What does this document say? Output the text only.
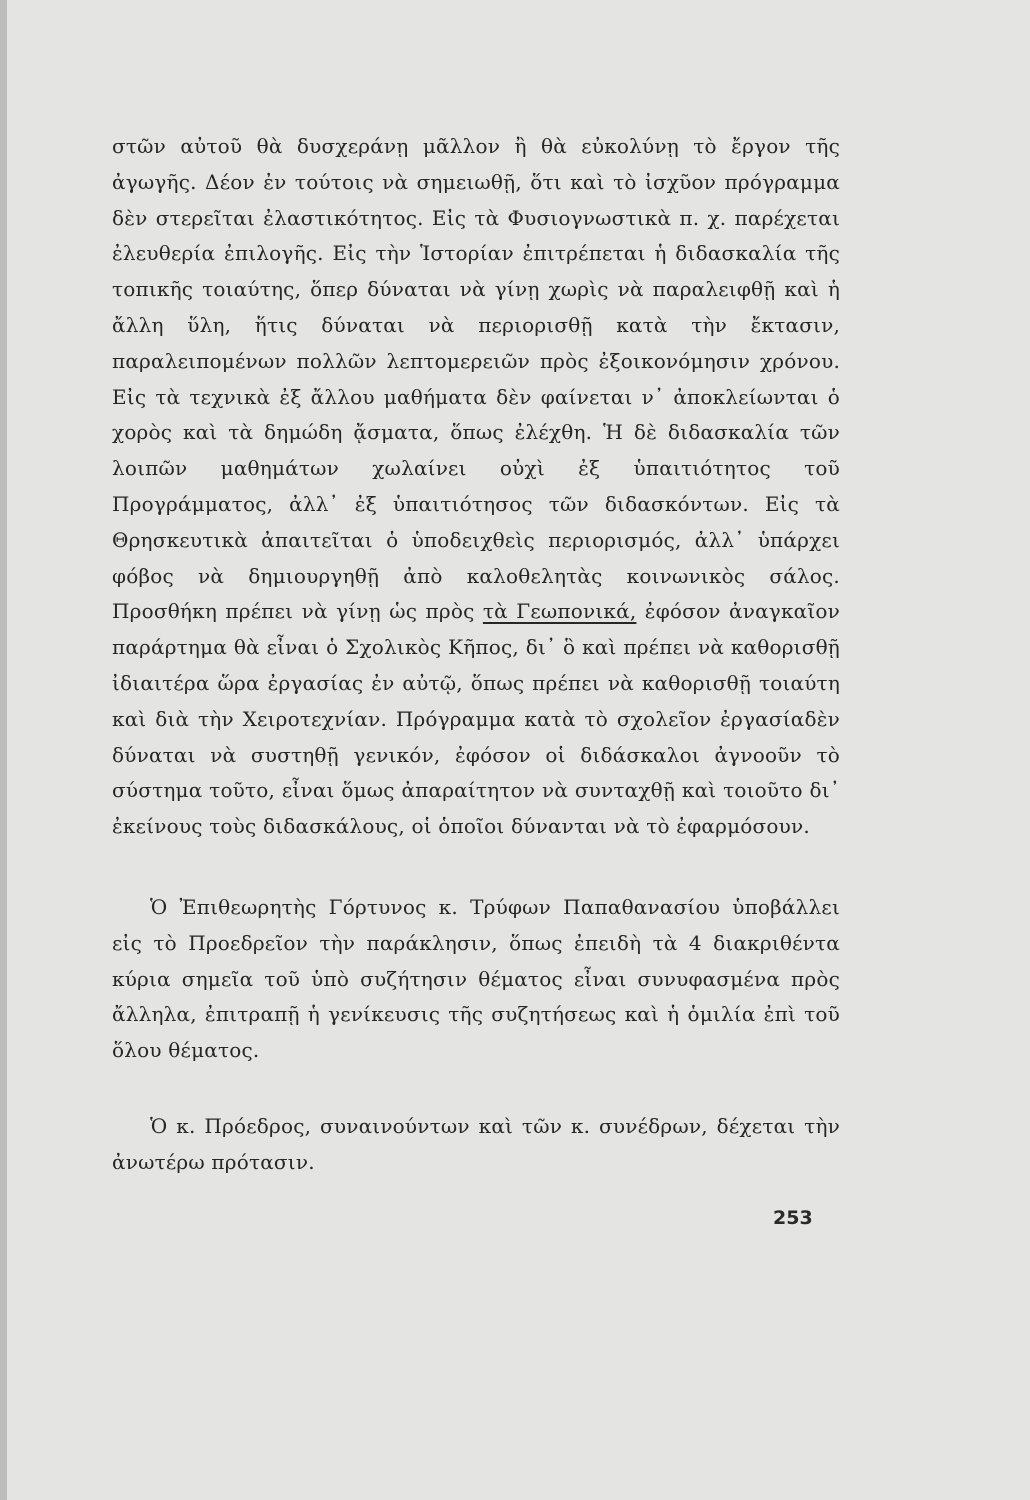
στῶν αὐτοῦ θὰ δυσχεράνῃ μᾶλλον ἢ θὰ εὐκολύνῃ τὸ ἔργον τῆς ἀγωγῆς. Δέον ἐν τούτοις νὰ σημειωθῇ, ὅτι καὶ τὸ ἰσχῦον πρόγραμμα δὲν στερεῖται ἐλαστικότητος. Εἰς τὰ Φυσιογνωστικὰ π. χ. παρέχεται ἐλευθερία ἐπιλογῆς. Εἰς τὴν Ἱστορίαν ἐπιτρέπεται ἡ διδασκαλία τῆς τοπικῆς τοιαύτης, ὅπερ δύναται νὰ γίνῃ χωρὶς νὰ παραλειφθῇ καὶ ἡ ἄλλη ὕλη, ἥτις δύναται νὰ περιορισθῇ κατὰ τὴν ἔκτασιν, παραλειπομένων πολλῶν λεπτομερειῶν πρὸς ἐξοικονόμησιν χρόνου. Εἰς τὰ τεχνικὰ ἐξ ἄλλου μαθήματα δὲν φαίνεται ν᾿ ἀποκλείωνται ὁ χορὸς καὶ τὰ δημώδη ᾄσματα, ὅπως ἐλέχθη. Ἡ δὲ διδασκαλία τῶν λοιπῶν μαθημάτων χωλαίνει οὐχὶ ἐξ ὑπαιτιότητος τοῦ Προγράμματος, ἀλλ᾿ ἐξ ὑπαιτιότησος τῶν διδασκόντων. Εἰς τὰ Θρησκευτικὰ ἀπαιτεῖται ὁ ὑποδειχθεὶς περιορισμός, ἀλλ᾿ ὑπάρχει φόβος νὰ δημιουργηθῇ ἀπὸ καλοθελητὰς κοινωνικὸς σάλος. Προσθήκη πρέπει νὰ γίνῃ ὡς πρὸς τὰ Γεωπονικά, ἐφόσον ἀναγκαῖον παράρτημα θὰ εἶναι ὁ Σχολικὸς Κῆπος, δι᾿ ὃ καὶ πρέπει νὰ καθορισθῇ ἰδιαιτέρα ὥρα ἐργασίας ἐν αὐτῷ, ὅπως πρέπει νὰ καθορισθῇ τοιαύτη καὶ διὰ τὴν Χειροτεχνίαν. Πρόγραμμα κατὰ τὸ σχολεῖον ἐργασίαδὲν δύναται νὰ συστηθῇ γενικόν, ἐφόσον οἱ διδάσκαλοι ἀγνοοῦν τὸ σύστημα τοῦτο, εἶναι ὅμως ἀπαραίτητον νὰ συνταχθῇ καὶ τοιοῦτο δι᾿ ἐκείνους τοὺς διδασκάλους, οἱ ὁποῖοι δύνανται νὰ τὸ ἐφαρμόσουν.

Ὁ Ἐπιθεωρητὴς Γόρτυνος κ. Τρύφων Παπαθανασίου ὑποβάλλει εἰς τὸ Προεδρεῖον τὴν παράκλησιν, ὅπως ἐπειδὴ τὰ 4 διακριθέντα κύρια σημεῖα τοῦ ὑπὸ συζήτησιν θέματος εἶναι συνυφασμένα πρὸς ἄλληλα, ἐπιτραπῇ ἡ γενίκευσις τῆς συζητήσεως καὶ ἡ ὁμιλία ἐπὶ τοῦ ὅλου θέματος.

Ὁ κ. Πρόεδρος, συναινούντων καὶ τῶν κ. συνέδρων, δέχεται τὴν ἀνωτέρω πρότασιν.

253
